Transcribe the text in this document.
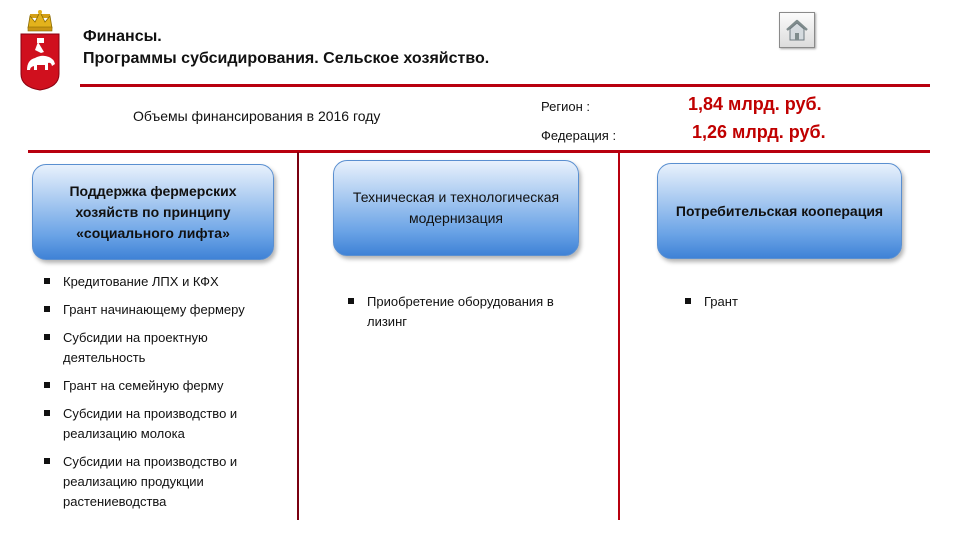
Финансы.
Программы субсидирования. Сельское хозяйство.
Объемы финансирования в 2016 году
Регион :	1,84 млрд. руб.
Федерация :	1,26 млрд. руб.
Поддержка фермерских хозяйств по принципу «социального лифта»
Техническая и технологическая модернизация	Потребительская кооперация
Кредитование ЛПХ и КФХ
Грант начинающему фермеру
Субсидии на проектную деятельность
Грант на семейную ферму
Субсидии на производство и реализацию молока
Субсидии на производство и реализацию продукции растениеводства
Приобретение оборудования в лизинг
Грант
